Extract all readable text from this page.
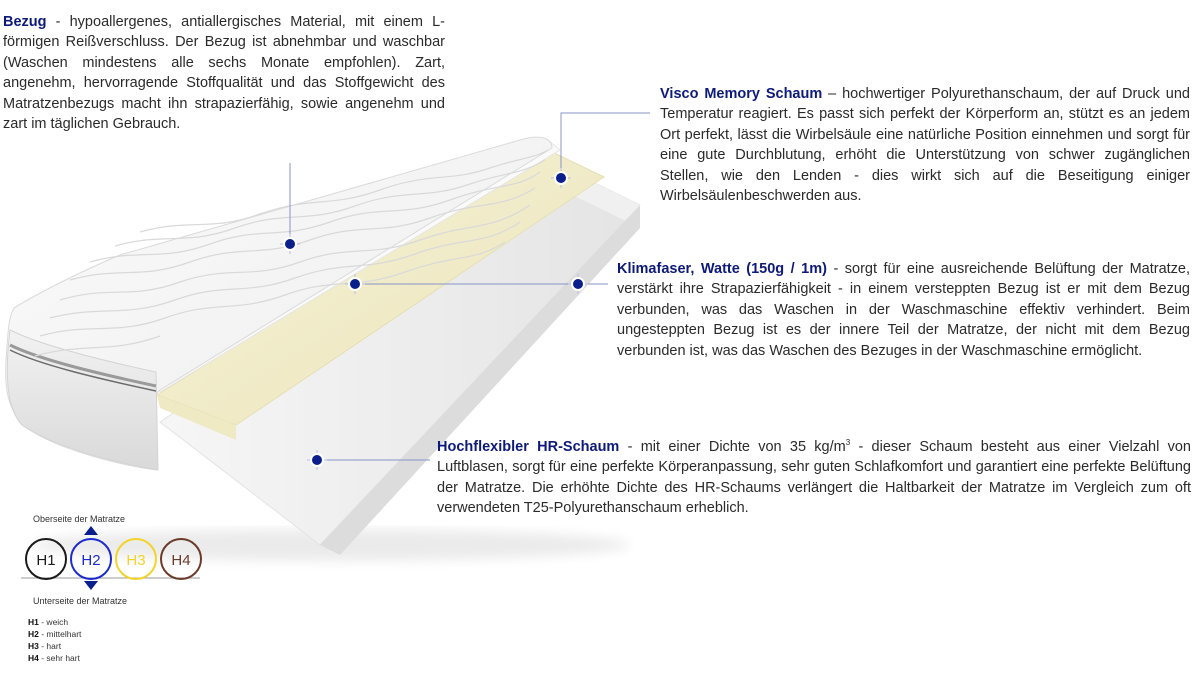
H1 H2 H3 H4
Bezug - hypoallergenes, antiallergisches Material, mit einem L-förmigen Reißverschluss. Der Bezug ist abnehmbar und waschbar (Waschen mindestens alle sechs Monate empfohlen). Zart, angenehm, hervorragende Stoffqualität und das Stoffgewicht des Matratzenbezugs macht ihn strapazierfähig, sowie angenehm und zart im täglichen Gebrauch.
Visco Memory Schaum – hochwertiger Polyurethanschaum, der auf Druck und Temperatur reagiert. Es passt sich perfekt der Körperform an, stützt es an jedem Ort perfekt, lässt die Wirbelsäule eine natürliche Position einnehmen und sorgt für eine gute Durchblutung, erhöht die Unterstützung von schwer zugänglichen Stellen, wie den Lenden - dies wirkt sich auf die Beseitigung einiger Wirbelsäulenbeschwerden aus.
Klimafaser, Watte (150g / 1m) - sorgt für eine ausreichende Belüftung der Matratze, verstärkt ihre Strapazierfähigkeit - in einem versteppten Bezug ist er mit dem Bezug verbunden, was das Waschen in der Waschmaschine effektiv verhindert. Beim ungesteppten Bezug ist es der innere Teil der Matratze, der nicht mit dem Bezug verbunden ist, was das Waschen des Bezuges in der Waschmaschine ermöglicht.
Hochflexibler HR-Schaum - mit einer Dichte von 35 $kg/m^3$ - dieser Schaum besteht aus einer Vielzahl von Luftblasen, sorgt für eine perfekte Körperanpassung, sehr guten Schlafkomfort und garantiert eine perfekte Belüftung der Matratze. Die erhöhte Dichte des HR-Schaums verlängert die Haltbarkeit der Matratze im Vergleich zum oft verwendeten T25-Polyurethanschaum erheblich.
Oberseite der Matratze
Unterseite der Matratze
H1 - weich
H2 - mittelhart
H3 - hart
H4 - sehr hart
